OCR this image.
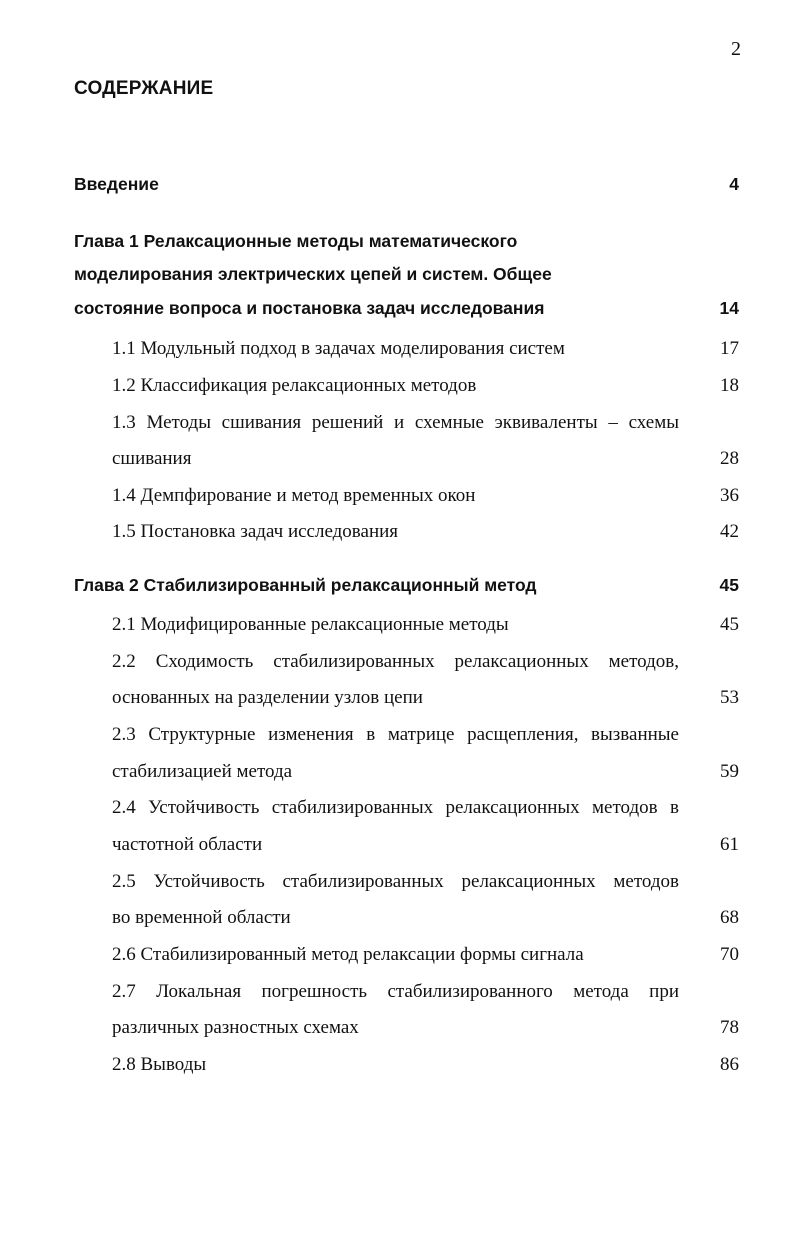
2
СОДЕРЖАНИЕ
Введение	4
Глава 1 Релаксационные методы математического
моделирования электрических цепей и систем. Общее
состояние вопроса и постановка задач исследования	14
1.1 Модульный подход в задачах моделирования систем	17
1.2 Классификация релаксационных методов	18
1.3 Методы сшивания решений и схемные эквиваленты – схемы
сшивания	28
1.4 Демпфирование и метод временных окон	36
1.5 Постановка задач исследования	42
Глава 2 Стабилизированный релаксационный метод	45
2.1 Модифицированные релаксационные методы	45
2.2 Сходимость стабилизированных релаксационных методов,
основанных на разделении узлов цепи	53
2.3 Структурные изменения в матрице расщепления, вызванные
стабилизацией метода	59
2.4 Устойчивость стабилизированных релаксационных методов в
частотной области	61
2.5 Устойчивость стабилизированных релаксационных методов
во временной области	68
2.6 Стабилизированный метод релаксации формы сигнала	70
2.7 Локальная погрешность стабилизированного метода при
различных разностных схемах	78
2.8 Выводы	86
